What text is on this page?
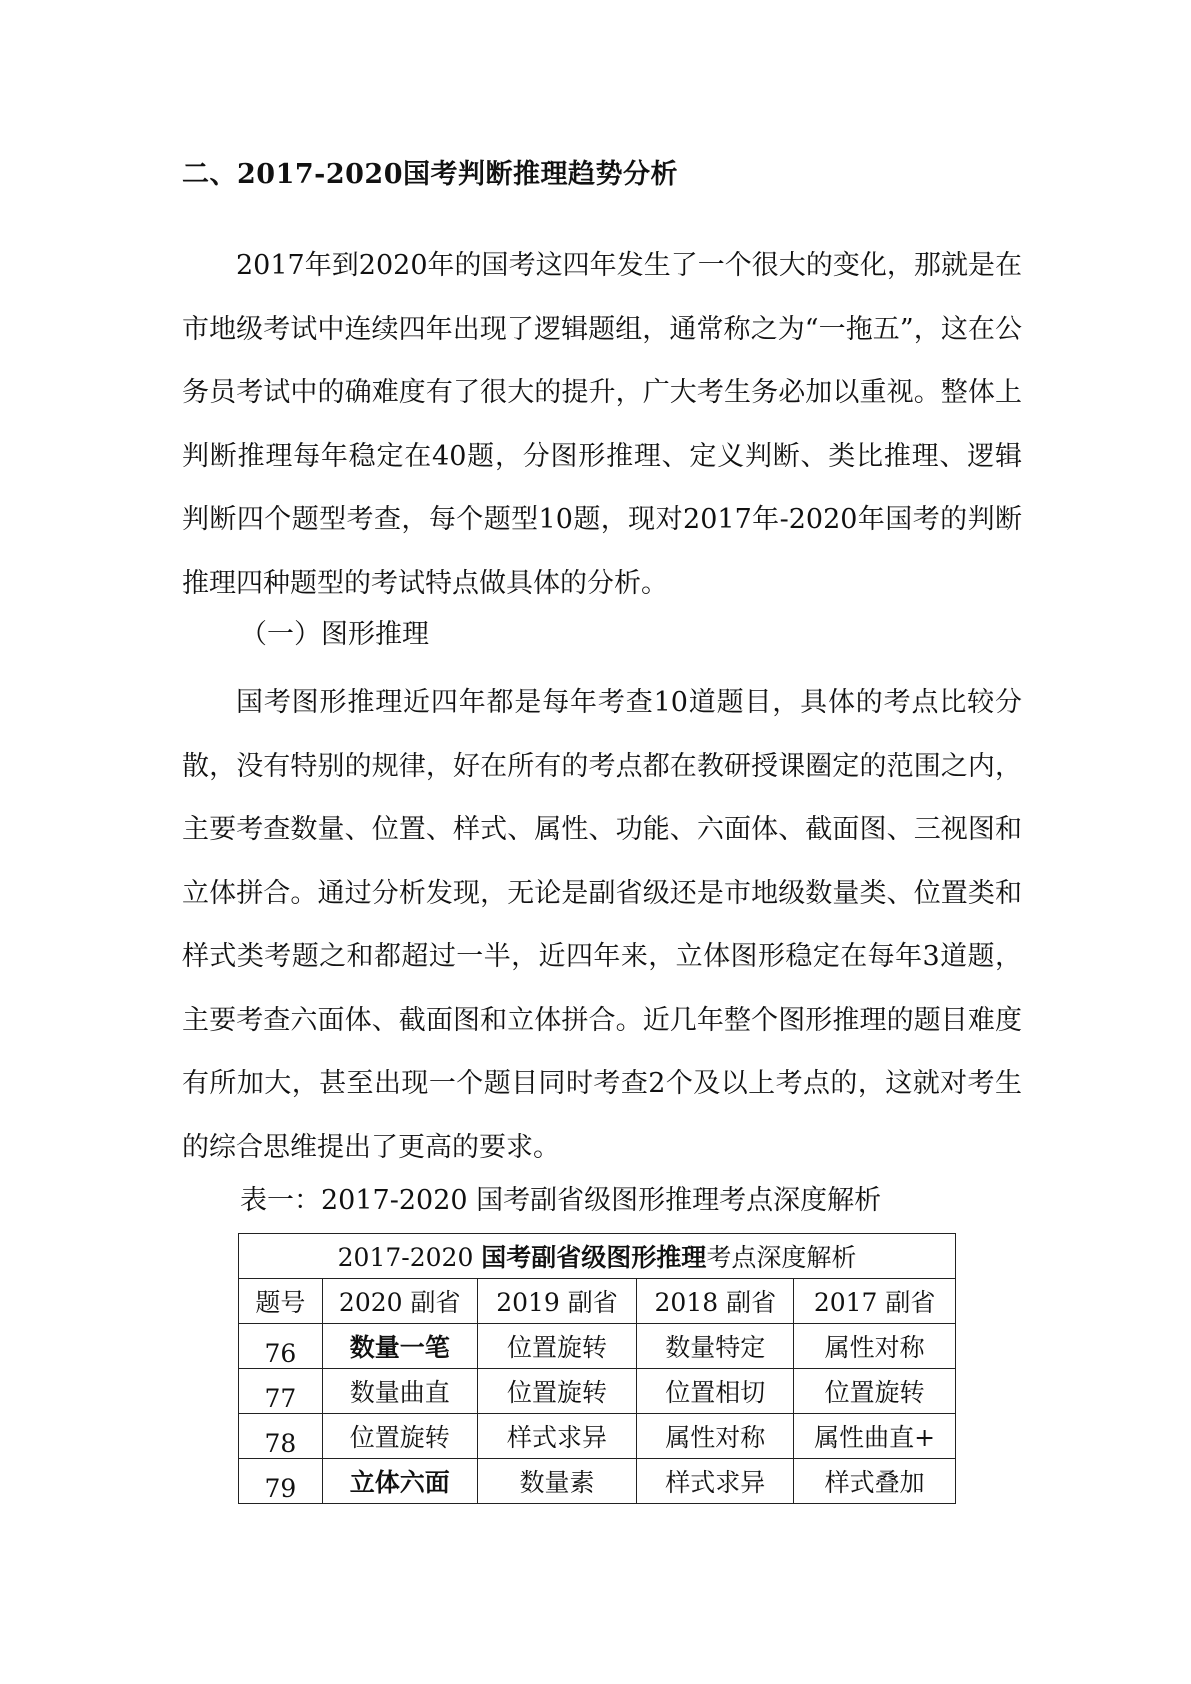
二、2017-2020国考判断推理趋势分析

2017年到2020年的国考这四年发生了一个很大的变化，那就是在市地级考试中连续四年出现了逻辑题组，通常称之为“一拖五”，这在公务员考试中的确难度有了很大的提升，广大考生务必加以重视。整体上判断推理每年稳定在40题，分图形推理、定义判断、类比推理、逻辑判断四个题型考查，每个题型10题，现对2017年-2020年国考的判断推理四种题型的考试特点做具体的分析。

（一）图形推理

国考图形推理近四年都是每年考查10道题目，具体的考点比较分散，没有特别的规律，好在所有的考点都在教研授课圈定的范围之内，主要考查数量、位置、样式、属性、功能、六面体、截面图、三视图和立体拼合。通过分析发现，无论是副省级还是市地级数量类、位置类和样式类考题之和都超过一半，近四年来，立体图形稳定在每年3道题，主要考查六面体、截面图和立体拼合。近几年整个图形推理的题目难度有所加大，甚至出现一个题目同时考查2个及以上考点的，这就对考生的综合思维提出了更高的要求。

表一：2017-2020 国考副省级图形推理考点深度解析
2017-2020 国考副省级图形推理考点深度解析				
题号	2020 副省	2019 副省	2018 副省	2017 副省
76	数量一笔	位置旋转	数量特定	属性对称
77	数量曲直	位置旋转	位置相切	位置旋转
78	位置旋转	样式求异	属性对称	属性曲直+
79	立体六面	数量素	样式求异	样式叠加
